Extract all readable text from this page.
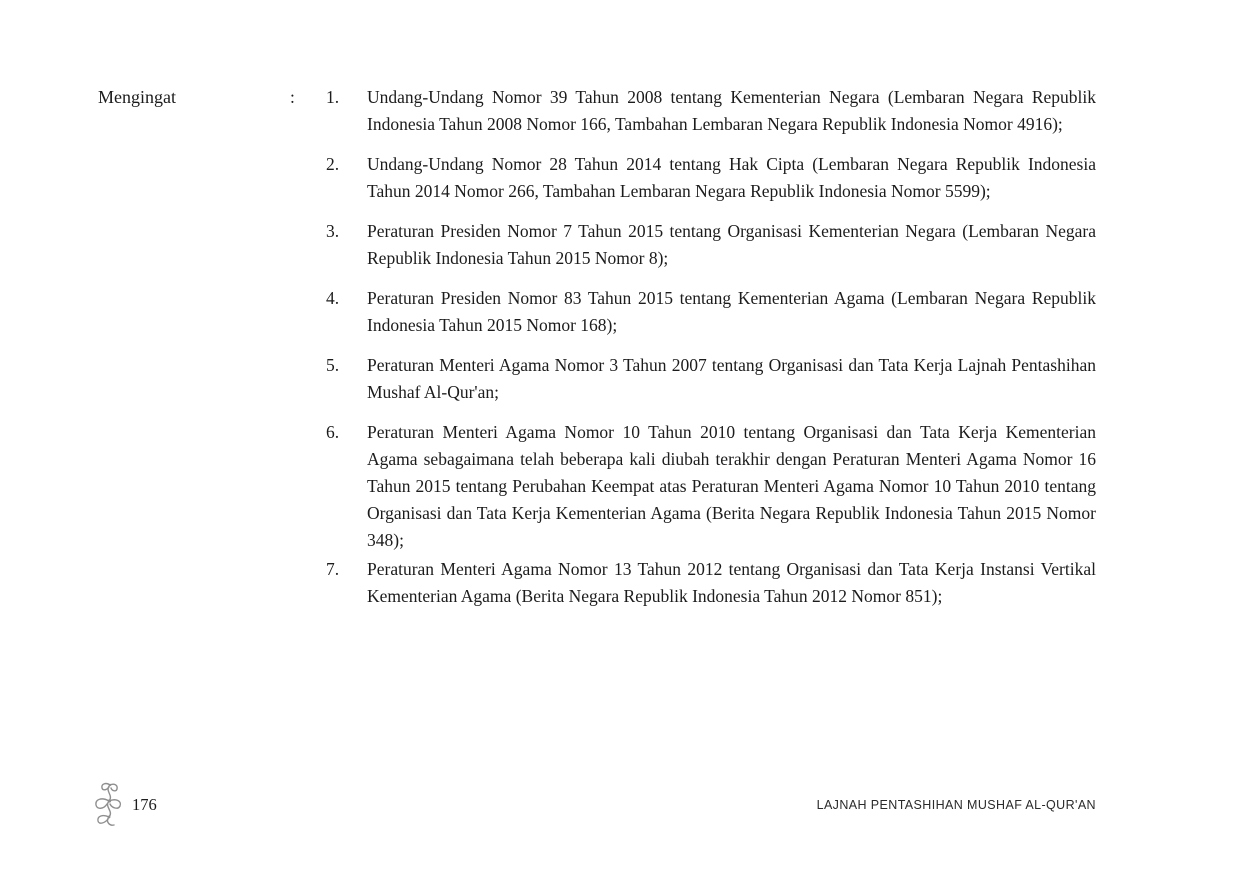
Mengingat	:	1.	Undang-Undang Nomor 39 Tahun 2008 tentang Kementerian Negara (Lembaran Negara Republik Indonesia Tahun 2008 Nomor 166, Tambahan Lembaran Negara Republik Indonesia Nomor 4916);
2.	Undang-Undang Nomor 28 Tahun 2014 tentang Hak Cipta (Lembaran Negara Republik Indonesia Tahun 2014 Nomor 266, Tambahan Lembaran Negara Republik Indonesia Nomor 5599);
3.	Peraturan Presiden Nomor 7 Tahun 2015 tentang Organisasi Kementerian Negara (Lembaran Negara Republik Indonesia Tahun 2015 Nomor 8);
4.	Peraturan Presiden Nomor 83 Tahun 2015 tentang Kementerian Agama (Lembaran Negara Republik Indonesia Tahun 2015 Nomor 168);
5.	Peraturan Menteri Agama Nomor 3 Tahun 2007 tentang Organisasi dan Tata Kerja Lajnah Pentashihan Mushaf Al-Qur'an;
6.	Peraturan Menteri Agama Nomor 10 Tahun 2010 tentang Organisasi dan Tata Kerja Kementerian Agama sebagaimana telah beberapa kali diubah terakhir dengan Peraturan Menteri Agama Nomor 16 Tahun 2015 tentang Perubahan Keempat atas Peraturan Menteri Agama Nomor 10 Tahun 2010 tentang Organisasi dan Tata Kerja Kementerian Agama (Berita Negara Republik Indonesia Tahun 2015 Nomor 348);
7.	Peraturan Menteri Agama Nomor 13 Tahun 2012 tentang Organisasi dan Tata Kerja Instansi Vertikal Kementerian Agama (Berita Negara Republik Indonesia Tahun 2012 Nomor 851);
176	LAJNAH PENTASHIHAN MUSHAF AL-QUR'AN
